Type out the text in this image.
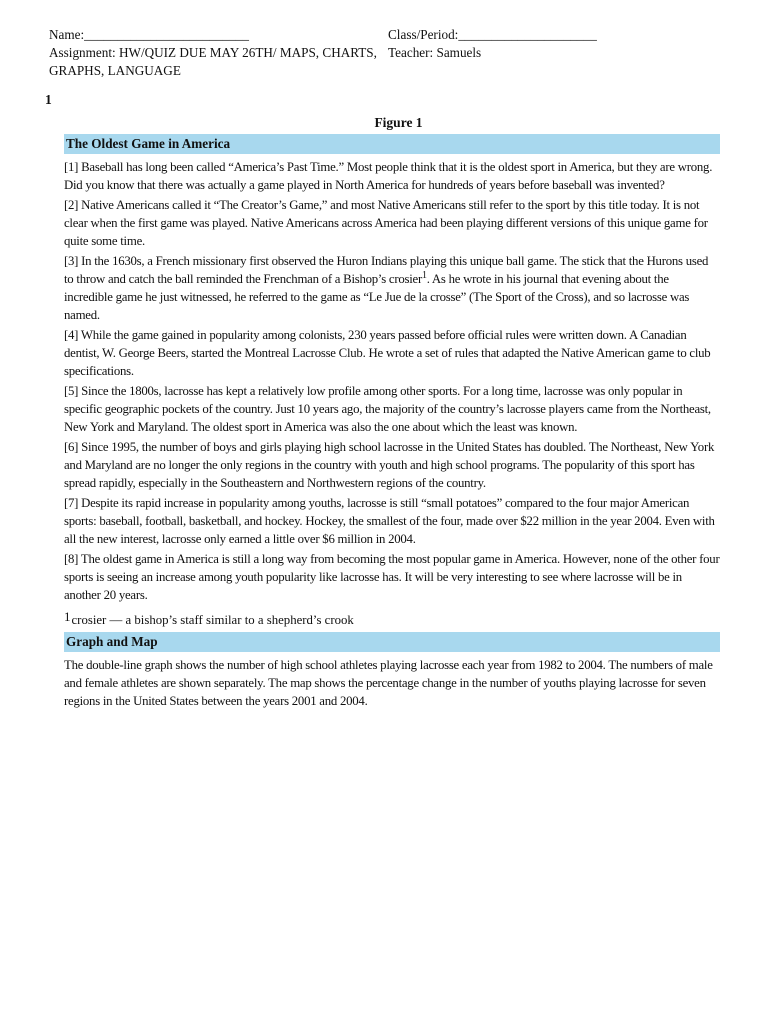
Name:_________________________
Assignment: HW/QUIZ DUE MAY 26TH/ MAPS, CHARTS,
GRAPHS, LANGUAGE
Class/Period:_____________________
Teacher: Samuels
1
Figure 1
The Oldest Game in America

[1] Baseball has long been called “America’s Past Time.” Most people think that it is the oldest sport in America, but they are wrong. Did you know that there was actually a game played in North America for hundreds of years before baseball was invented?

[2] Native Americans called it “The Creator’s Game,” and most Native Americans still refer to the sport by this title today. It is not clear when the first game was played. Native Americans across America had been playing different versions of this unique game for quite some time.

[3] In the 1630s, a French missionary first observed the Huron Indians playing this unique ball game. The stick that the Hurons used to throw and catch the ball reminded the Frenchman of a Bishop’s crosier$^1$. As he wrote in his journal that evening about the incredible game he just witnessed, he referred to the game as “Le Jue de la crosse” (The Sport of the Cross), and so lacrosse was named.

[4] While the game gained in popularity among colonists, 230 years passed before official rules were written down. A Canadian dentist, W. George Beers, started the Montreal Lacrosse Club. He wrote a set of rules that adapted the Native American game to club specifications.

[5] Since the 1800s, lacrosse has kept a relatively low profile among other sports. For a long time, lacrosse was only popular in specific geographic pockets of the country. Just 10 years ago, the majority of the country’s lacrosse players came from the Northeast, New York and Maryland. The oldest sport in America was also the one about which the least was known.

[6] Since 1995, the number of boys and girls playing high school lacrosse in the United States has doubled. The Northeast, New York and Maryland are no longer the only regions in the country with youth and high school programs. The popularity of this sport has spread rapidly, especially in the Southeastern and Northwestern regions of the country.

[7] Despite its rapid increase in popularity among youths, lacrosse is still “small potatoes” compared to the four major American sports: baseball, football, basketball, and hockey. Hockey, the smallest of the four, made over $22 million in the year 2004. Even with all the new interest, lacrosse only earned a little over $6 million in 2004.

[8] The oldest game in America is still a long way from becoming the most popular game in America. However, none of the other four sports is seeing an increase among youth popularity like lacrosse has. It will be very interesting to see where lacrosse will be in another 20 years.

1crosier — a bishop’s staff similar to a shepherd’s crook
Graph and Map

The double-line graph shows the number of high school athletes playing lacrosse each year from 1982 to 2004. The numbers of male and female athletes are shown separately. The map shows the percentage change in the number of youths playing lacrosse for seven regions in the United States between the years 2001 and 2004.
